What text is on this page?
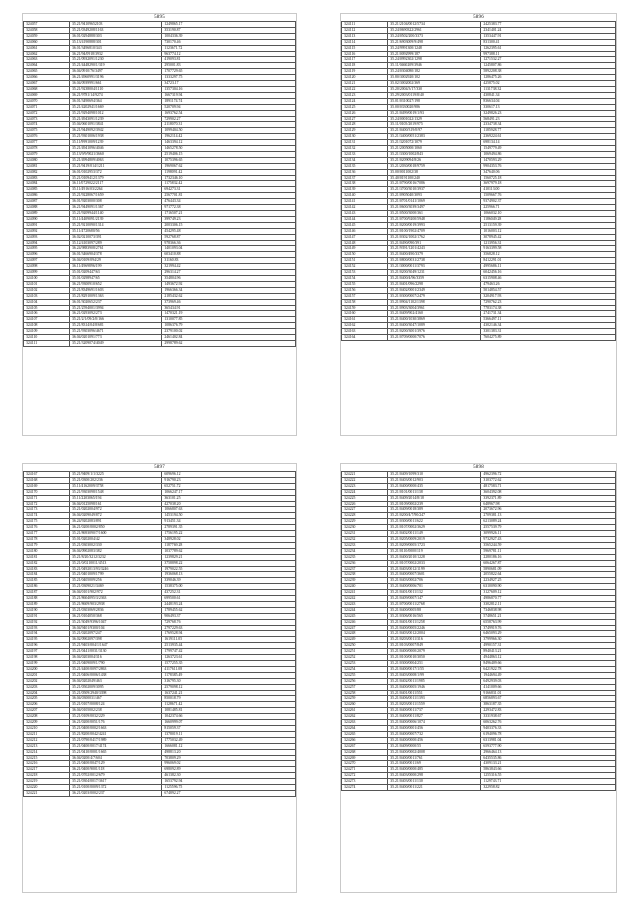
5895
324057	35.21/94109652103	1249865.17
324058	35.21/0349208/1163	353190.87
324059	36.01/0294888/303	1004336.39
324060	35.13/4190888/301	730170.46
324061	36.01/3496810/343	1123671.72
324062	36.21/94/0918/3932	963774.12
324063	35.21/0932091/1230	419093.81
324064	35.21/4448290/1/319	295001.83
324065	36.04/0910/76/3497	1707729.65
324066	36.21/4960991/3196	1333297.75
324067	36.04/0939991/661	34723.17
324068	35.21/9238004/1110	1357304.16
324069	36.21/9781/14/9274	1667319.94
324070	36.01/3490694/364	1891174.74
324071	35.21/4202941/1669	520709.94
324072	35.21/9294098/1012	1693762.54
324073	35.21/4943091/1239	729902.27
324074	35.04/0601091/3841	2118070.31
324075	36.21/9449092/3942	1099404.50
324076	35.21/9301006/1938	1962114.42
324077	35.11/9991009/1239	1463394.12
324078	35.21/4941096/4046	1465278.50
324079	35.13/9/9/9021/3660	2519406.15
324080	35.21/4994809/4063	1075396.65
324081	35.21/9419/014/1211	1969067.62
324082	36.01/0102953/372	1198091.42
324083	35.21/0109412/1379	1732346.10
324084	36.11/0729022/2117	1175832.42
324085	35.11/4916/03/2264	694273.31
324086	35.21/9228067/1659	2567701.81
324087	36.01/9203000/308	476443.34
324088	36.21/9449091/1367	971772.38
324089	35.21/9209944/1140	1716507.21
324090	35.11/4409091/2139	399749.23
324091	35.21/9210090/1314	2003306.15
324092	35.11/4720680/56	454295.48
324093	36.02/0210073/391	592768.87
324094	35.12/4103097/289	978366.36
324095	36.24/9883908/2761	1401093.04
324096	36.01/3466904/378	603410.88
324097	36.04/0109/094/29	31160.83
324098	36.11/4969896/199	321994.42
324099	35.01/0209447/63	296314.27
324100	35.01/0298947/65	354804.96
324101	36.21/9300910/652	1493672.92
324102	35.21/8349691/1603	1966366.34
324103	35.21/8291009/1363	2185432.62
324104	36.01/3020652/237	373969.46
324105	35.21/2594001/3994	365434.91
324106	36.21/0293092/273	1470321.19
324107	35.21/2/1/09/2/0/166	1310077.85
324108	35.21/8314/04/8/681	1086376.79
324109	35.21/9303096/4671	2379100.02
324110	36.04/0201091/773	2461402.84
324111	35.21/3209074/4049	2998789.62
5896
324111	35.21/2104/0012/5734	2425383.77
324112	35.24/0690322/2961	2341401.24
324113	35.24/0502/200/3373	1353447.91
324114	35.21/6903009/9/498	831300.41
324115	35.24/9991300/1248	1262395.61
324116	35.21/0092999/187	997388.11
324117	35.24/0992302/1298	1271532.27
324118	35.11/0460209/3946	1245807.86
324119	35.24/0304080/182	5892208.38
324120	35.80/3002920/102	1286475.26
324121	35.02/3002002/369	425875.02
324122	35.20/2004/3/17/330	1131738.32
324123	35.29/2003/0119/8/40	430841.34
324124	35.01/0310027/198	836634.04
324125	35.00/0330020/986	330617.13
324126	35.21/0499/0019/1/93	3249826.23
324127	35.24/0001022/1329	568491.23
324128	35.11/0105/2019/975	2334738.34
324129	35.21/0400/319/0/97	1185928.77
324130	35.21/3400/0051/2383	2369224.61
324131	35.21/3201072/1079	698134.14
324132	35.21/2005000/1060	1549779.49
324133	35.21/3300/1002/843	1069494.86
324134	35.21/0209094/8/26	1470593.29
324135	35.21/2030/0018/9759	9904353.76
324136	35.00/0011002/38	347640.06
324137	35.40/0191100/240	1560725.18
324138	35.21/0790/0016/7086	3697979.18
324139	35.21/3700/3010/3937	410113.00
324140	35.21/0905040/3093	1509667.76
324141	35.21/0701/0141/1069	9374902.37
324142	35.21/0600/3039/3497	225966.71
324143	35.21/0500/3000/361	1066032.10
324144	35.21/0700/9200/5948	1186049.28
324145	35.21/0200/0019/3993	2513159.39
324146	35.21/0100/1902/4709	1016003.12
324147	35.21/0302/1002/1762	3078945.42
324148	35.21/0490/090/391	1213956.31
324149	35.21/9391/1201/4243	9163399.58
324150	35.21/0400/490/3379	356828.12
324151	35.21/0800/0031/2738	8412291.01
324152	35.21/3000/0011/3793	4995686.11
324153	35.21/0200/3049/1231	6042456.16
324154	35.21/0400/4/96/3359	6315908.46
324155	35.21/0401/096/2298	479463.26
324156	35.21/0402/0001/2349	5014854.57
324157	35.21/0300/0007/2479	3204917.93
324158	35.21/0904/1102/1398	7290762.23
324159	35.21/0903/3004/3961	7783174.38
324160	35.21/0409/902/4160	2741731.34
324161	35.21/0400/1030/3869	5366497.11
324162	35.21/0400/3047/1089	4302146.34
324163	35.21/0200/3001/3976	3301383.31
324164	35.21/0709/0000/7076	7604275.89
5897
324167	35.21/9409/1/1/3225	609696.12
324168	35.21/0300/202/236	916790.23
324169	35.11/4162009/3758	652751.72
324170	35.21/9303098/1548	1066247.17
324171	35.11/2203065/194	363101.25
324172	36.04/0125098/161	427038.20
324173	35.21/0202004/972	1066807.63
324174	36.04/0209049/872	1453194.50
324175	36.24/9202083/891	913451.34
324176	36.21/0200/0002/850	2789391.35
324177	35.21/8693090/7/1600	1756195.22
324178	35.01/0202004/42	348928.02
324179	35.21/0303002/330	1187769.28
324180	36.04/0902083/382	1037789.62
324181	35.21/8/20/3212/3232	1239829.21
324182	35.21/0/0210011/4513	3758898.22
324183	35.21/0492013/93/3246	1979022.55
324184	35.21/0401009/1799	1936068.13
324185	35.21/0405009/256	339046.39
324186	35.21/0309021/3469	1538375.00
324187	36.04/0101/902/972	437252.31
324188	35.21/8604095/3/2363	699500.61
324189	35.21/8609/903/2938	2448193.24
324190	35.21/0303069/2836	1789455.62
324191	36.21/0104050/368	906493.37
324192	35.21/3049/9396/1047	729768.76
324193	36.04/9401/9300/104	2797229.63
324194	35.21/0202097/247	1769528.94
324195	36.02/0902097/398	1619111.05
324196	35.21/9403/004/1/1647	2513935.44
324197	35.21/0441/0031/3130	1799747.42
324198	36.04/0203004/316	1263723.61
324199	35.21/0409009/1/790	1577255.35
324200	35.21/4400/0097/2863	4117611.08
324201	35.21/0406/0006/1438	1178385.49
324202	36.04/0202049/463	316795.30
324203	35.21/0502009/3095	2579098.12
324204	35.21/0509/2940/3398	1637241.21
324205	36.04/0300031/467	850018.79
324206	35.21/0107/0008/124	1128671.42
324207	36.04/0105002/238	1081485.81
324208	35.21/0109/0032/229	1042374.66
324209	36.21/0200/0051/176	1660999.07
324210	35.21/0400/0002/1663	815059.37
324211	35.21/8200/0042/4241	1378019.11
324212	35.21/0790/0417/1989	1775032.49
324213	35.21/0400/0017/4174	1666081.12
324214	35.21/0410/0001/1665	498813.20
324215	36.04/0200/4/7/604	703809.29
324216	35.21/0400/0047/129	996069.02
324217	36.21/0400/9001/118	698092.89
324218	35.21/0702/0012/679	461382.30
324219	35.21/0304/0017/3617	1653792.94
324220	35.21/0100/0009/1372	1125596.75
324221	36.21/0203/0002/237	674892.27
5898
324221	35.21/0409/1099/310	4962396.72
324222	35.21/0403/0012/903	3103772.62
324223	35.21/0400/0000/435	4817583.71
324224	35.21/0101/0011/138	3604392.08
324225	35.21/0409/2014/8/18	3392371.89
324226	35.21/0109/0002/239	648967.98
324227	35.21/0409/0018/389	2073672.96
324228	35.21/0200/4/7/90/247	2709381.13
324229	35.21/0300/0011/622	6213089.24
324230	35.21/0107/0002/3629	2557539.79
324231	35.21/0402/0011/149	3099926.11
324232	35.21/0205/0009/2019	9732927.43
324233	35.21/0209/0005/1723	3565244.59
324234	35.21/0110/0000/119	5969781.11
324235	35.21/0400/2010/1228	2280186.16
324236	35.21/0107/0002/2033	6064267.87
324237	35.21/0403/0012/1199	5890681.09
324238	35.21/0400/0007/3601	2055822.64
324239	35.21/0403/0002/706	2234927.25
324240	35.21/0400/0006/701	6310090.90
324241	35.21/0401/0011/132	3127609.12
324242	35.21/0409/0007/147	4986870.77
324243	35.21/0700/0011/2768	3302812.11
324244	35.21/0400/0005/88	7346838.98
324245	35.21/0306/0016/565	5748651.21
324246	35.21/0401/0011/1258	6558763.99
324247	35.21/0400/0005/2246	3749919.76
324248	35.21/0403/0012/2004	6465093.29
324249	35.21/0203/0011/316	3799966.30
324250	35.21/0103/0007/849	4990157.31
324251	35.21/0400/0000/2079	8940413.21
324252	35.21/0100/0010/3050	4944863.12
324253	35.21/0300/0004/251	8496409.66
324254	35.21/0400/0017/1/55	6421922.78
324255	35.21/0403/0008/1/99	1944694.49
324256	35.21/0402/0011/1985	6492939.03
324257	35.21/0400/0005/1946	4141009.66
324258	35.21/0401/0011/551	9166831.01
324259	35.21/0406/0011/1393	6856893.67
324260	35.21/0203/0011/1559	3863187.35
324261	35.21/0400/0011/737	2293472.83
324262	35.21/0400/0011/827	3331938.67
324263	35.21/0400/0006/1074	6063262.76
324264	35.21/0400/0001/456	9403376.33
324265	35.21/0400/0007/732	6194096.78
324266	35.21/0400/0000/456	6313981.04
324267	35.21/0409/0000/55	6593777.90
324268	35.21/0400/0002/4008	2966464.13
324269	35.21/0400/0011/761	6435535.86
324270	35.21/0400/0011/69	4309133.21
324271	35.21/0400/0000/485	5863843.66
324272	35.21/0403/0000/298	1255316.55
324273	35.21/0403/0011/130	1129743.71
324274	35.21/0400/0011/221	322958.82
